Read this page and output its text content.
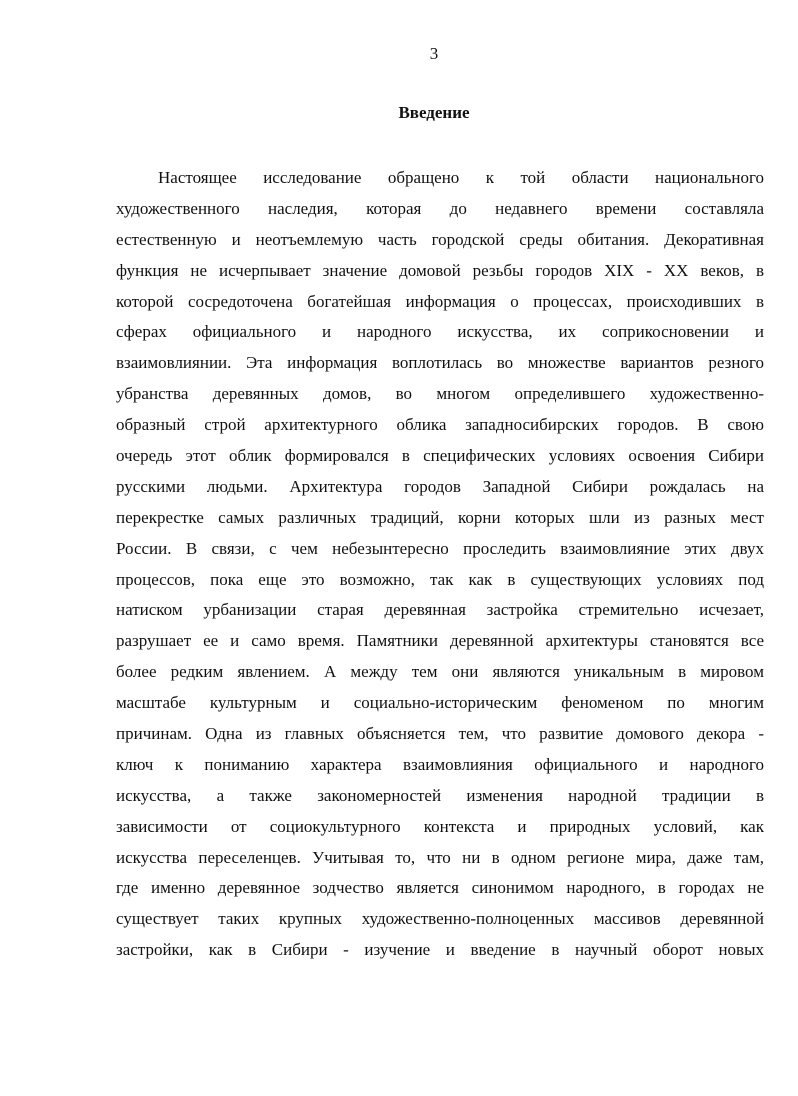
3
Введение
Настоящее исследование обращено к той области национального
художественного наследия, которая до недавнего времени составляла
естественную и неотъемлемую часть городской среды обитания. Декоративная
функция не исчерпывает значение домовой резьбы городов XIX - XX веков, в
которой сосредоточена богатейшая информация о процессах, происходивших в
сферах официального и народного искусства, их соприкосновении и
взаимовлиянии. Эта информация воплотилась во множестве вариантов резного
убранства деревянных домов, во многом определившего художественно-
образный строй архитектурного облика западносибирских городов. В свою
очередь этот облик формировался в специфических условиях освоения Сибири
русскими людьми. Архитектура городов Западной Сибири рождалась на
перекрестке самых различных традиций, корни которых шли из разных мест
России. В связи, с чем небезынтересно проследить взаимовлияние этих двух
процессов, пока еще это возможно, так как в существующих условиях под
натиском урбанизации старая деревянная застройка стремительно исчезает,
разрушает ее и само время. Памятники деревянной архитектуры становятся все
более редким явлением. А между тем они являются уникальным в мировом
масштабе культурным и социально-историческим феноменом по многим
причинам. Одна из главных объясняется тем, что развитие домового декора -
ключ к пониманию характера взаимовлияния официального и народного
искусства, а также закономерностей изменения народной традиции в
зависимости от социокультурного контекста и природных условий, как
искусства переселенцев. Учитывая то, что ни в одном регионе мира, даже там,
где именно деревянное зодчество является синонимом народного, в городах не
существует таких крупных художественно-полноценных массивов деревянной
застройки, как в Сибири - изучение и введение в научный оборот новых
